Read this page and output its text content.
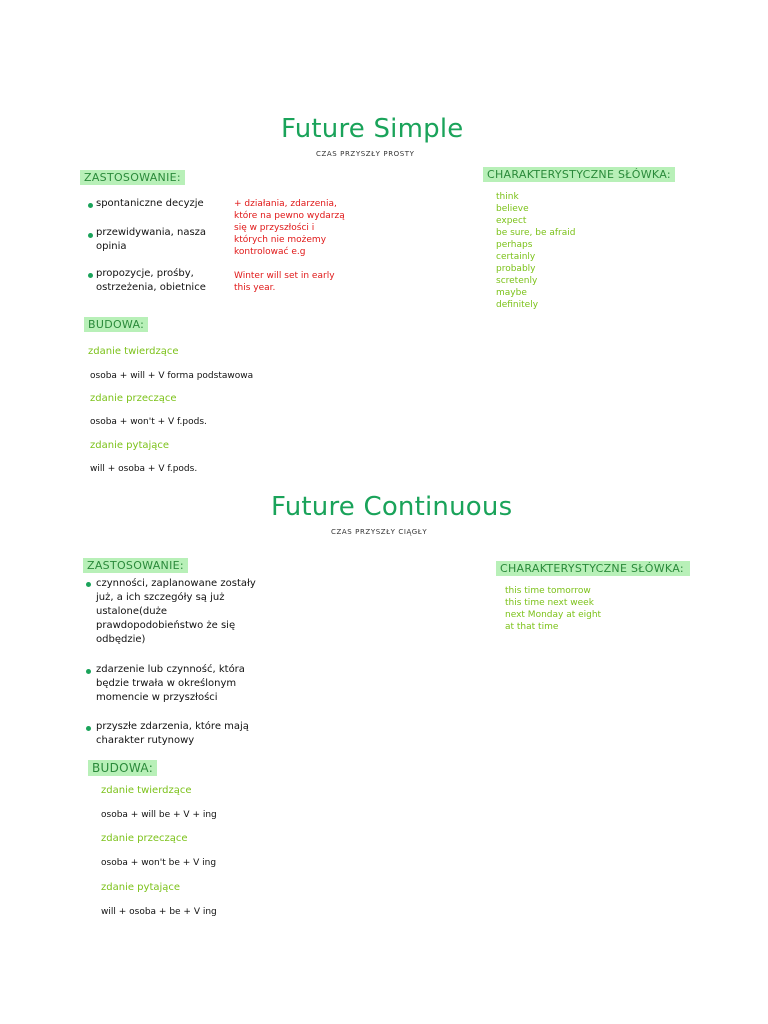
Future Simple
CZAS PRZYSZŁY PROSTY
ZASTOSOWANIE:
spontaniczne decyzje
przewidywania, nasza opinia
propozycje, prośby, ostrzeżenia, obietnice
+ działania, zdarzenia, które na pewno wydarzą się w przyszłości i których nie możemy kontrolować e.g
Winter will set in early this year.
CHARAKTERYSTYCZNE SŁÓWKA:
think
believe
expect
be sure, be afraid
perhaps
certainly
probably
scretenly
maybe
definitely
BUDOWA:
zdanie twierdzące
osoba + will + V forma podstawowa
zdanie przeczące
osoba + won't + V f.pods.
zdanie pytające
will + osoba + V f.pods.
Future Continuous
CZAS PRZYSZŁY CIĄGŁY
ZASTOSOWANIE:
czynności, zaplanowane zostały już, a ich szczegóły są już ustalone(duże prawdopodobieństwo że się odbędzie)
zdarzenie lub czynność, która będzie trwała w określonym momencie w przyszłości
przyszłe zdarzenia, które mają charakter rutynowy
CHARAKTERYSTYCZNE SŁÓWKA:
this time tomorrow
this time next week
next Monday at eight
at that time
BUDOWA:
zdanie twierdzące
osoba + will be + V + ing
zdanie przeczące
osoba + won't be + V ing
zdanie pytające
will + osoba + be + V ing
